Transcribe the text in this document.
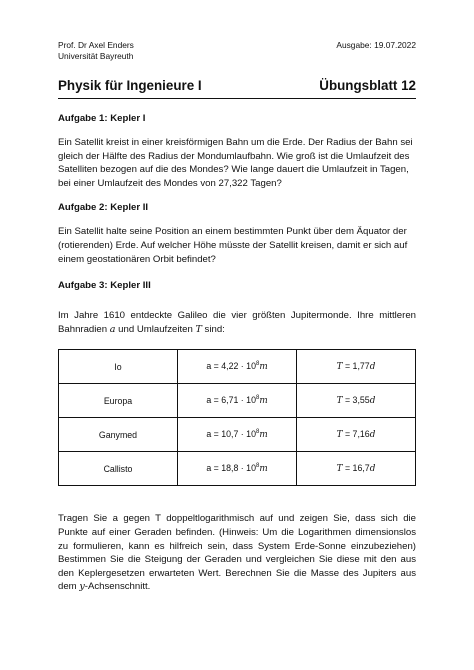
Prof. Dr Axel Enders
Universität Bayreuth
Ausgabe: 19.07.2022
Physik für Ingenieure I	Übungsblatt 12

Aufgabe 1: Kepler I

Ein Satellit kreist in einer kreisförmigen Bahn um die Erde. Der Radius der Bahn sei gleich der Hälfte des Radius der Mondumlaufbahn. Wie groß ist die Umlaufzeit des Satelliten bezogen auf die des Mondes? Wie lange dauert die Umlaufzeit in Tagen, bei einer Umlaufzeit des Mondes von 27,322 Tagen?

Aufgabe 2: Kepler II

Ein Satellit halte seine Position an einem bestimmten Punkt über dem Äquator der (rotierenden) Erde. Auf welcher Höhe müsste der Satellit kreisen, damit er sich auf einem geostationären Orbit befindet?

Aufgabe 3: Kepler III

Im Jahre 1610 entdeckte Galileo die vier größten Jupitermonde. Ihre mittleren Bahnradien a und Umlaufzeiten T sind:

Io	$a = 4,22 \cdot 10^8m$	T = 1,77d
Europa	$a = 6,71 \cdot 10^8m$	T = 3,55d
Ganymed	$a = 10,7 \cdot 10^8m$	T = 7,16d
Callisto	$a = 18,8 \cdot 10^8m$	T = 16,7d

Tragen Sie a gegen T doppeltlogarithmisch auf und zeigen Sie, dass sich die Punkte auf einer Geraden befinden. (Hinweis: Um die Logarithmen dimensionslos zu formulieren, kann es hilfreich sein, dass System Erde-Sonne einzubeziehen) Bestimmen Sie die Steigung der Geraden und vergleichen Sie diese mit den aus den Keplergesetzen erwarteten Wert. Berechnen Sie die Masse des Jupiters aus dem y-Achsenschnitt.
